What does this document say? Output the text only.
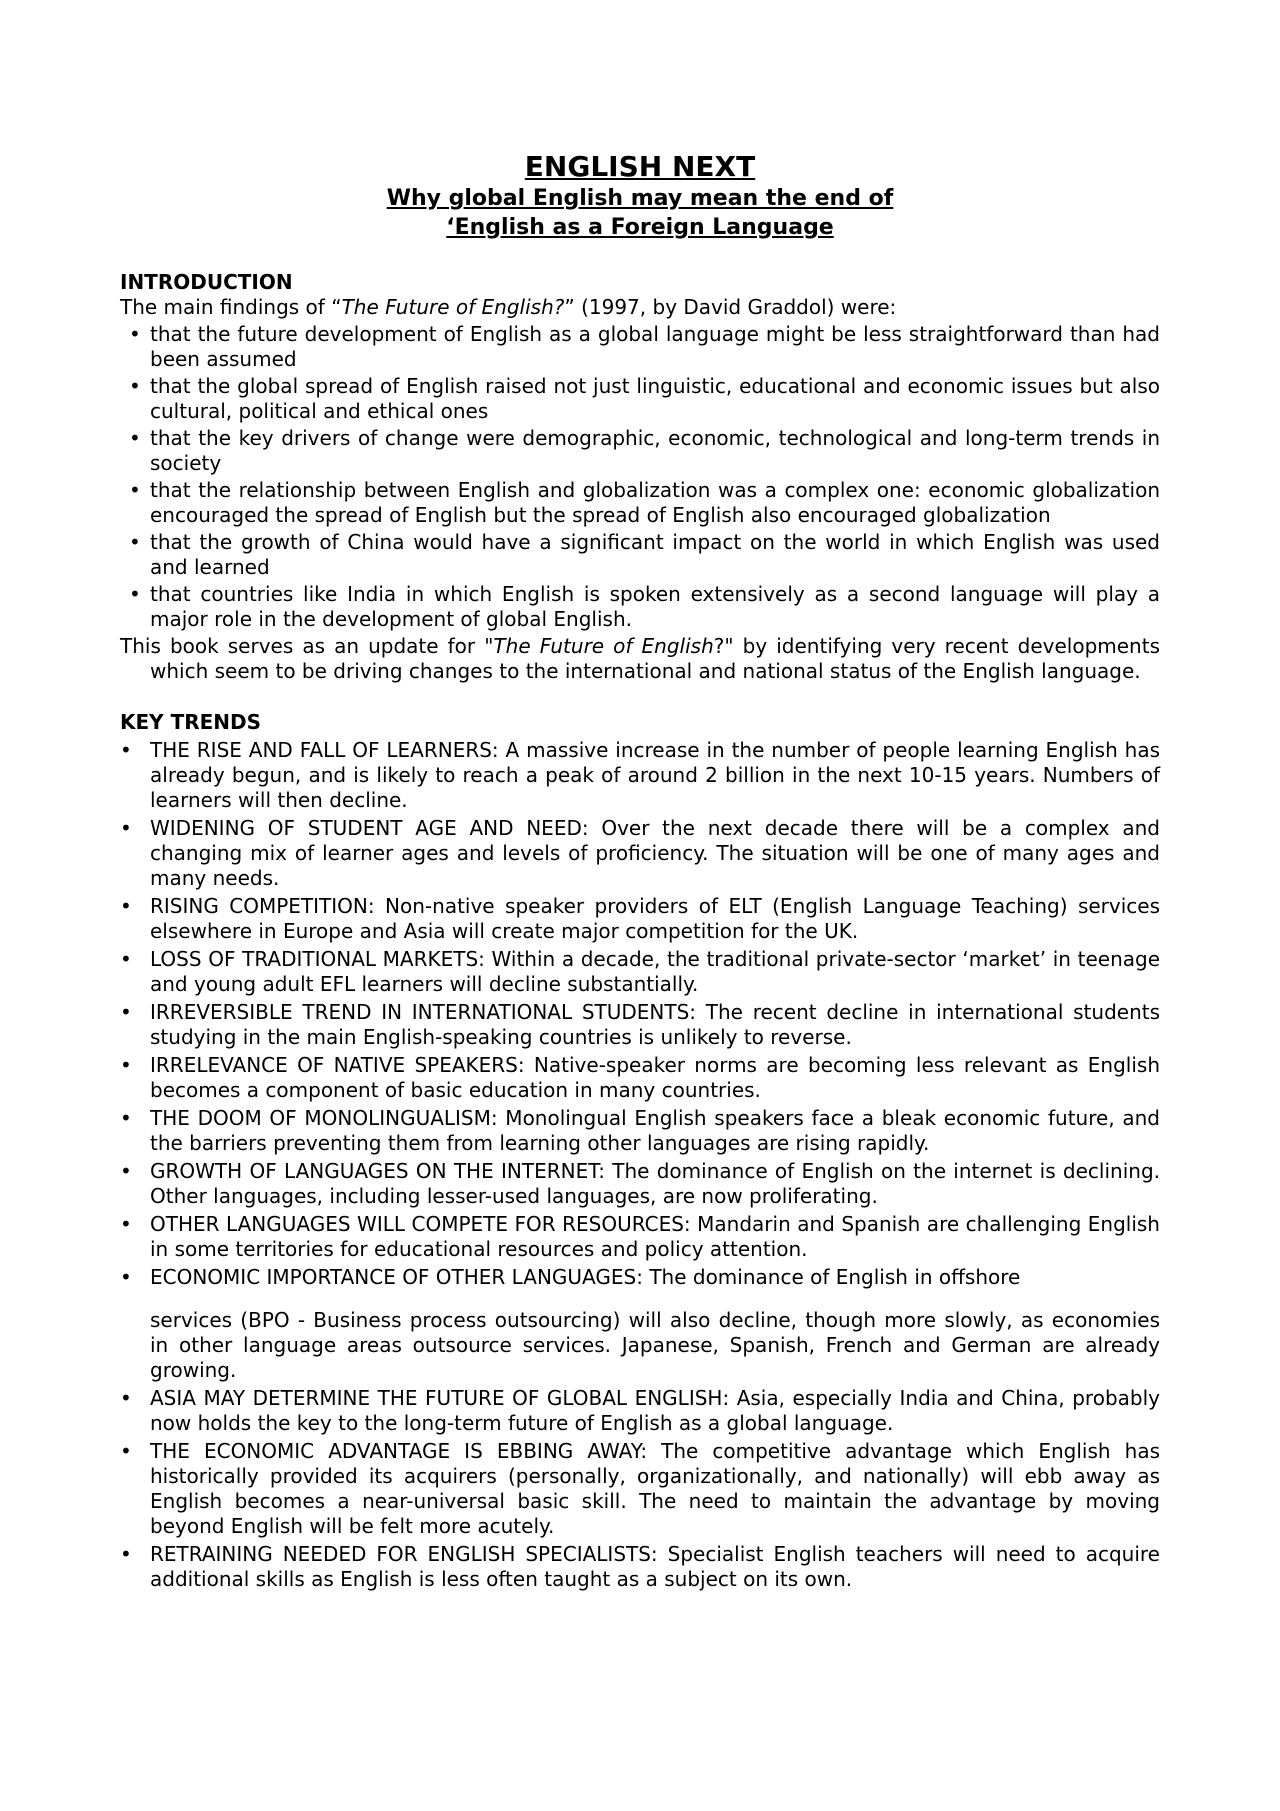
ENGLISH NEXT

Why global English may mean the end of

‘English as a Foreign Language

INTRODUCTION

The main findings of “The Future of English?” (1997, by David Graddol) were:

• that the future development of English as a global language might be less straightforward than had been assumed
• that the global spread of English raised not just linguistic, educational and economic issues but also cultural, political and ethical ones
• that the key drivers of change were demographic, economic, technological and long-term trends in society
• that the relationship between English and globalization was a complex one: economic globalization encouraged the spread of English but the spread of English also encouraged globalization
• that the growth of China would have a significant impact on the world in which English was used and learned
• that countries like India in which English is spoken extensively as a second language will play a major role in the development of global English.

This book serves as an update for "The Future of English?" by identifying very recent developments which seem to be driving changes to the international and national status of the English language.

KEY TRENDS

• THE RISE AND FALL OF LEARNERS: A massive increase in the number of people learning English has already begun, and is likely to reach a peak of around 2 billion in the next 10-15 years. Numbers of learners will then decline.
• WIDENING OF STUDENT AGE AND NEED: Over the next decade there will be a complex and changing mix of learner ages and levels of proficiency. The situation will be one of many ages and many needs.
• RISING COMPETITION: Non-native speaker providers of ELT (English Language Teaching) services elsewhere in Europe and Asia will create major competition for the UK.
• LOSS OF TRADITIONAL MARKETS: Within a decade, the traditional private-sector ‘market’ in teenage and young adult EFL learners will decline substantially.
• IRREVERSIBLE TREND IN INTERNATIONAL STUDENTS: The recent decline in international students studying in the main English-speaking countries is unlikely to reverse.
• IRRELEVANCE OF NATIVE SPEAKERS: Native-speaker norms are becoming less relevant as English becomes a component of basic education in many countries.
• THE DOOM OF MONOLINGUALISM: Monolingual English speakers face a bleak economic future, and the barriers preventing them from learning other languages are rising rapidly.
• GROWTH OF LANGUAGES ON THE INTERNET: The dominance of English on the internet is declining. Other languages, including lesser-used languages, are now proliferating.
• OTHER LANGUAGES WILL COMPETE FOR RESOURCES: Mandarin and Spanish are challenging English in some territories for educational resources and policy attention.
• ECONOMIC IMPORTANCE OF OTHER LANGUAGES: The dominance of English in offshore
services (BPO - Business process outsourcing) will also decline, though more slowly, as economies in other language areas outsource services. Japanese, Spanish, French and German are already growing.
• ASIA MAY DETERMINE THE FUTURE OF GLOBAL ENGLISH: Asia, especially India and China, probably now holds the key to the long-term future of English as a global language.
• THE ECONOMIC ADVANTAGE IS EBBING AWAY: The competitive advantage which English has historically provided its acquirers (personally, organizationally, and nationally) will ebb away as English becomes a near-universal basic skill. The need to maintain the advantage by moving beyond English will be felt more acutely.
• RETRAINING NEEDED FOR ENGLISH SPECIALISTS: Specialist English teachers will need to acquire additional skills as English is less often taught as a subject on its own.
